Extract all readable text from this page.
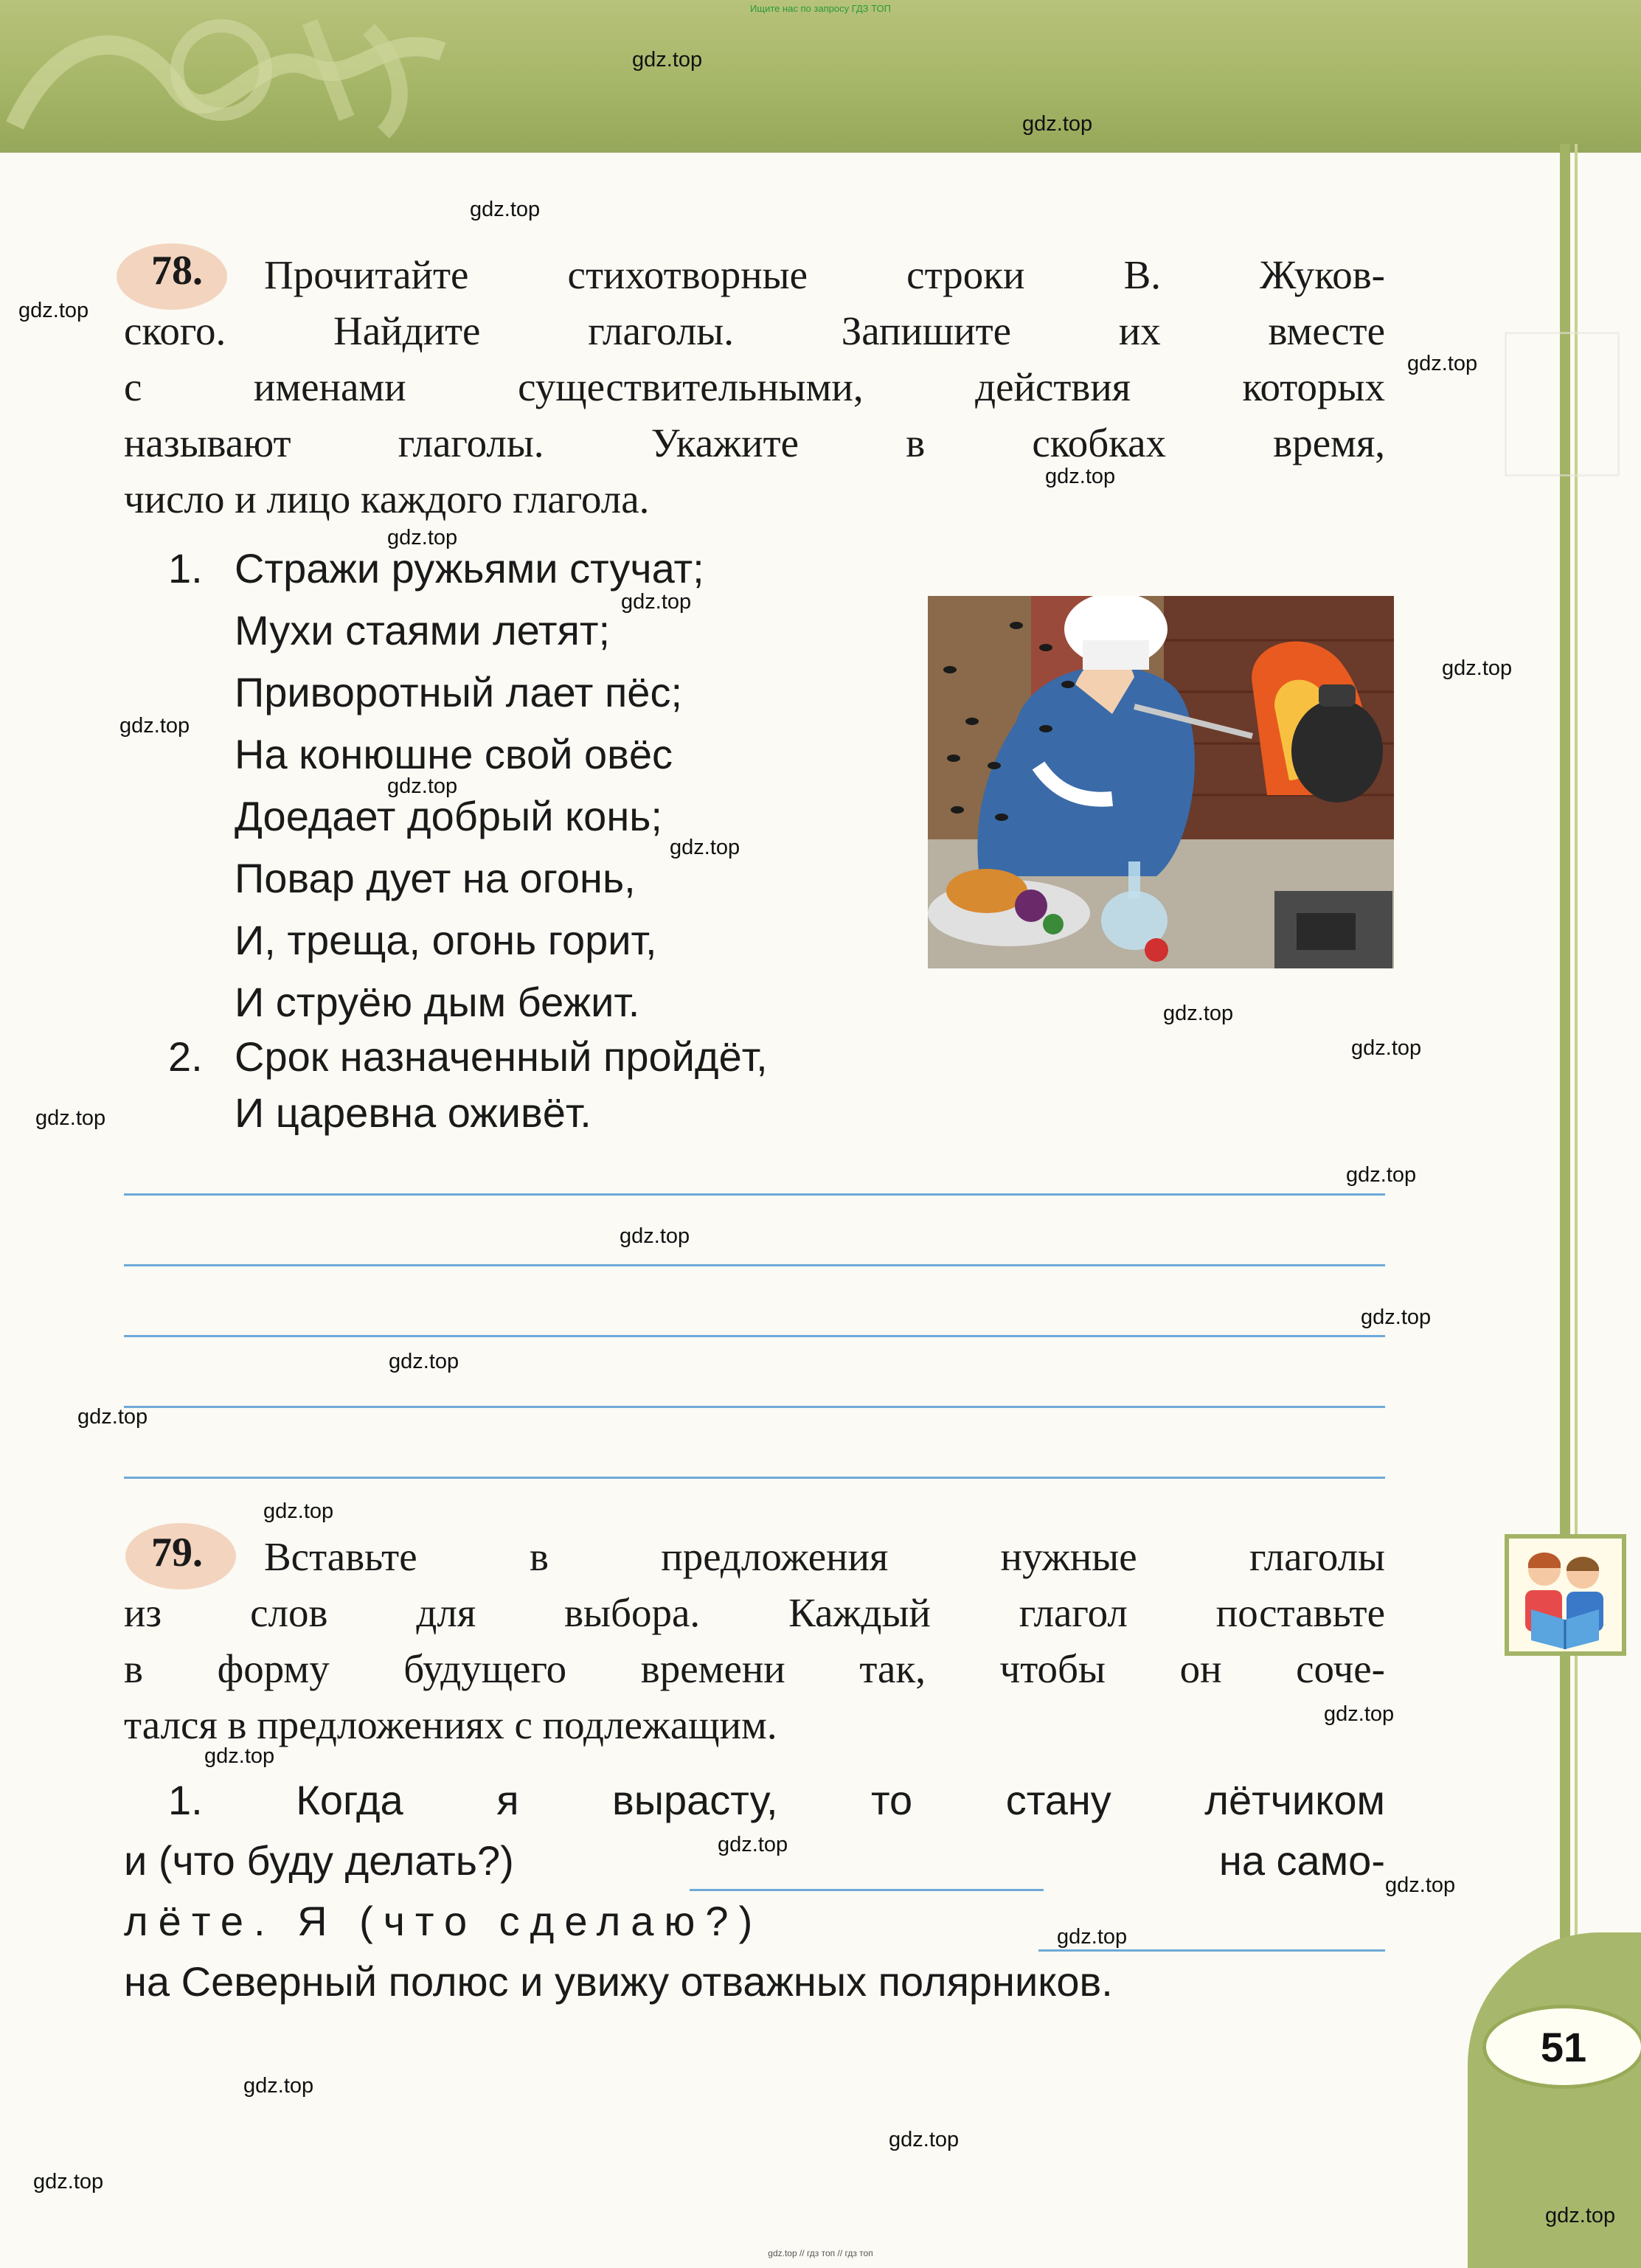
Ищите нас по запросу ГДЗ ТОП
78.	Прочитайте стихотворные строки В. Жуков-
ского. Найдите глаголы. Запишите их вместе
с именами существительными, действия которых
называют глаголы. Укажите в скобках время,
число и лицо каждого глагола.
1. Стражи ружьями стучат;
Мухи стаями летят;
Приворотный лает пёс;
На конюшне свой овёс
Доедает добрый конь;
Повар дует на огонь,
И, треща, огонь горит,
И струёю дым бежит.
2. Срок назначенный пройдёт,
И царевна оживёт.
79.	Вставьте в предложения нужные глаголы
из слов для выбора. Каждый глагол поставьте
в форму будущего времени так, чтобы он соче-
тался в предложениях с подлежащим.
1. Когда я вырасту, то стану лётчиком
и (что буду делать?)	на само-
лёте. Я (что сделаю?)
на Северный полюс и увижу отважных полярников.
51
gdz.top
gdz.top
gdz.top
gdz.top
gdz.top
gdz.top
gdz.top
gdz.top
gdz.top
gdz.top
gdz.top
gdz.top
gdz.top
gdz.top
gdz.top
gdz.top
gdz.top
gdz.top
gdz.top
gdz.top
gdz.top
gdz.top
gdz.top
gdz.top
gdz.top
gdz.top
gdz.top
gdz.top
gdz.top
gdz.top
gdz.top // гдз топ // гдз топ
